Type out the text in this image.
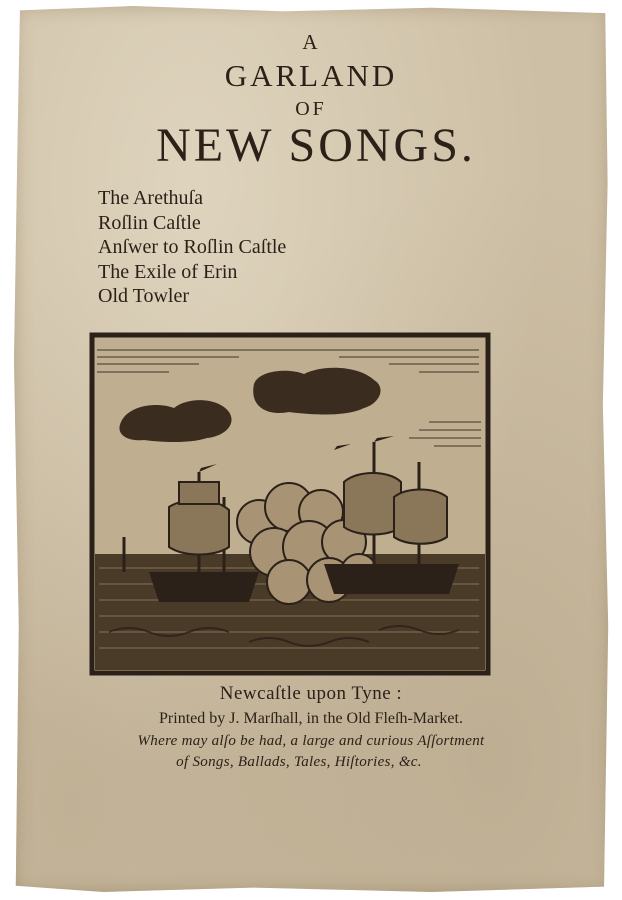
A
GARLAND
OF
NEW SONGS.
The Arethuſa
Roſlin Caſtle
Anſwer to Roſlin Caſtle
The Exile of Erin
Old Towler
Newcaſtle upon Tyne :
Printed by J. Marſhall, in the Old Fleſh-Market.
Where may alſo be had, a large and curious Aſſortment
of Songs, Ballads, Tales, Hiſtories, &c.
